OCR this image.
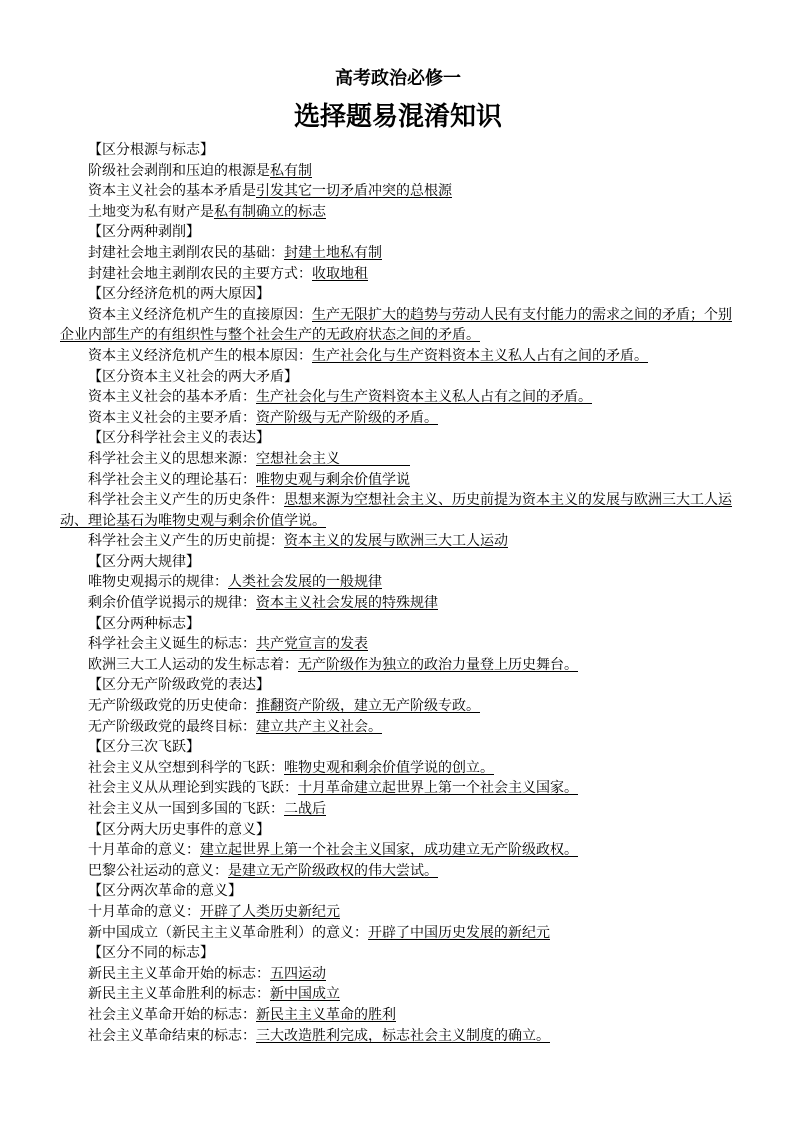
高考政治必修一

选择题易混淆知识

【区分根源与标志】

阶级社会剥削和压迫的根源是私有制

资本主义社会的基本矛盾是引发其它一切矛盾冲突的总根源

土地变为私有财产是私有制确立的标志

【区分两种剥削】

封建社会地主剥削农民的基础：封建土地私有制

封建社会地主剥削农民的主要方式：收取地租

【区分经济危机的两大原因】

资本主义经济危机产生的直接原因：生产无限扩大的趋势与劳动人民有支付能力的需求之间的矛盾；个别企业内部生产的有组织性与整个社会生产的无政府状态之间的矛盾。

资本主义经济危机产生的根本原因：生产社会化与生产资料资本主义私人占有之间的矛盾。

【区分资本主义社会的两大矛盾】

资本主义社会的基本矛盾：生产社会化与生产资料资本主义私人占有之间的矛盾。

资本主义社会的主要矛盾：资产阶级与无产阶级的矛盾。

【区分科学社会主义的表达】

科学社会主义的思想来源：空想社会主义　　　　　

科学社会主义的理论基石：唯物史观与剩余价值学说

科学社会主义产生的历史条件：思想来源为空想社会主义、历史前提为资本主义的发展与欧洲三大工人运动、理论基石为唯物史观与剩余价值学说。

科学社会主义产生的历史前提：资本主义的发展与欧洲三大工人运动

【区分两大规律】

唯物史观揭示的规律：人类社会发展的一般规律

剩余价值学说揭示的规律：资本主义社会发展的特殊规律

【区分两种标志】

科学社会主义诞生的标志：共产党宣言的发表

欧洲三大工人运动的发生标志着：无产阶级作为独立的政治力量登上历史舞台。

【区分无产阶级政党的表达】

无产阶级政党的历史使命：推翻资产阶级，建立无产阶级专政。

无产阶级政党的最终目标：建立共产主义社会。

【区分三次飞跃】

社会主义从空想到科学的飞跃：唯物史观和剩余价值学说的创立。

社会主义从从理论到实践的飞跃：十月革命建立起世界上第一个社会主义国家。

社会主义从一国到多国的飞跃：二战后

【区分两大历史事件的意义】

十月革命的意义：建立起世界上第一个社会主义国家，成功建立无产阶级政权。

巴黎公社运动的意义：是建立无产阶级政权的伟大尝试。

【区分两次革命的意义】

十月革命的意义：开辟了人类历史新纪元

新中国成立（新民主主义革命胜利）的意义：开辟了中国历史发展的新纪元

【区分不同的标志】

新民主主义革命开始的标志：五四运动

新民主主义革命胜利的标志：新中国成立

社会主义革命开始的标志：新民主主义革命的胜利

社会主义革命结束的标志：三大改造胜利完成，标志社会主义制度的确立。
